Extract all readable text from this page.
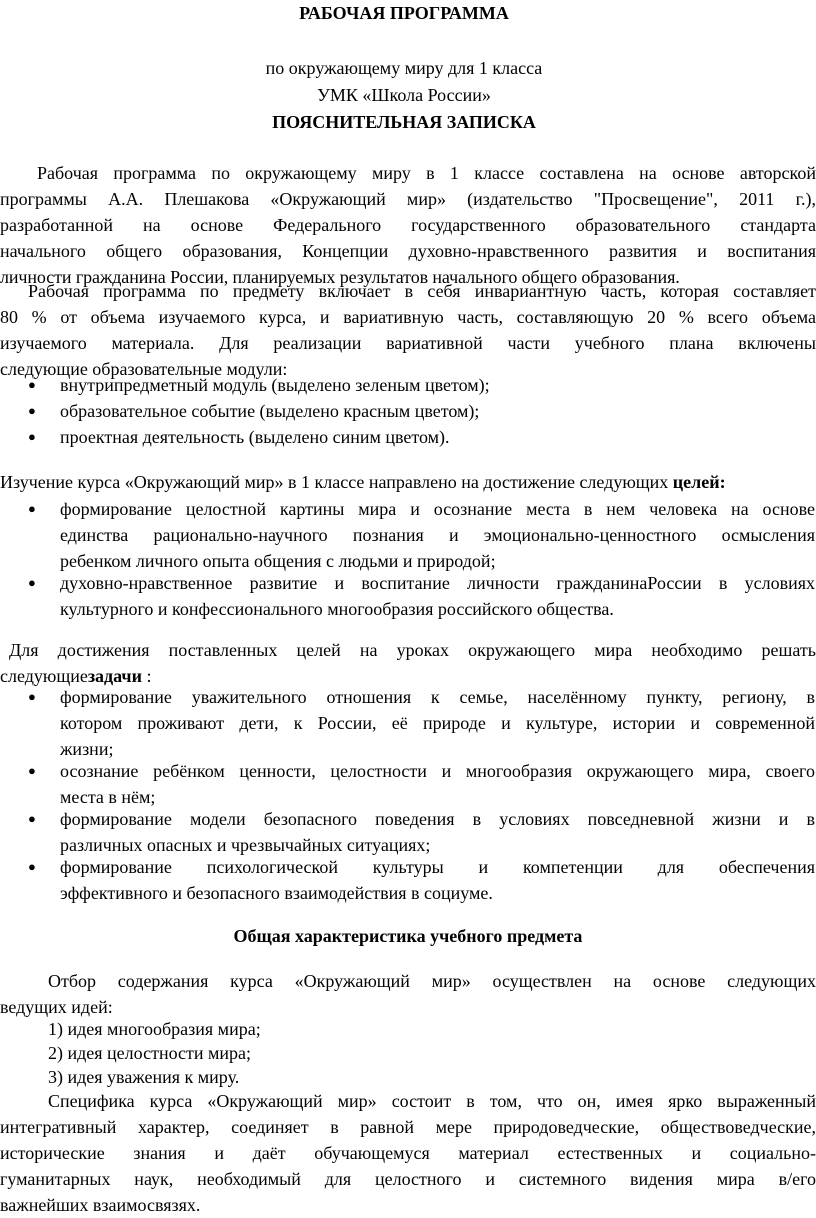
РАБОЧАЯ ПРОГРАММА

по окружающему миру для 1 класса

УМК «Школа России»

ПОЯСНИТЕЛЬНАЯ ЗАПИСКА

Рабочая программа по окружающему миру в 1 классе составлена на основе авторской
программы А.А. Плешакова «Окружающий мир» (издательство "Просвещение", 2011 г.),
разработанной на основе Федерального государственного образовательного стандарта
начального общего образования, Концепции духовно-нравственного развития и воспитания
личности гражданина России, планируемых результатов начального общего образования.
Рабочая программа по предмету включает в себя инвариантную часть, которая составляет
80 % от объема изучаемого курса, и вариативную часть, составляющую 20 % всего объема
изучаемого материала. Для реализации вариативной части учебного плана включены
следующие образовательные модули:
● внутрипредметный модуль (выделено зеленым цветом);

● образовательное событие (выделено красным цветом);

● проектная деятельность (выделено синим цветом).

Изучение курса «Окружающий мир» в 1 классе направлено на достижение следующих целей:

● формирование целостной картины мира и осознание места в нем человека на основе
единства рационально-научного познания и эмоционально-ценностного осмысления
ребенком личного опыта общения с людьми и природой;
● духовно-нравственное развитие и воспитание личности гражданинаРоссии в условиях
культурного и конфессионального многообразия российского общества.
Для достижения поставленных целей на уроках окружающего мира необходимо решать
следующиезадачи :
● формирование уважительного отношения к семье, населённому пункту, региону, в
котором проживают дети, к России, её природе и культуре, истории и современной
жизни;
● осознание ребёнком ценности, целостности и многообразия окружающего мира, своего
места в нём;
● формирование модели безопасного поведения в условиях повседневной жизни и в
различных опасных и чрезвычайных ситуациях;
● формирование психологической культуры и компетенции для обеспечения
эффективного и безопасного взаимодействия в социуме.

Общая характеристика учебного предмета

Отбор содержания курса «Окружающий мир» осуществлен на основе следующих
ведущих идей:

1) идея многообразия мира;

2) идея целостности мира;

3) идея уважения к миру.

Специфика курса «Окружающий мир» состоит в том, что он, имея ярко выраженный
интегративный характер, соединяет в равной мере природоведческие, обществоведческие,
исторические знания и даёт обучающемуся материал естественных и социально-
гуманитарных наук, необходимый для целостного и системного видения мира в/его
важнейших взаимосвязях.
